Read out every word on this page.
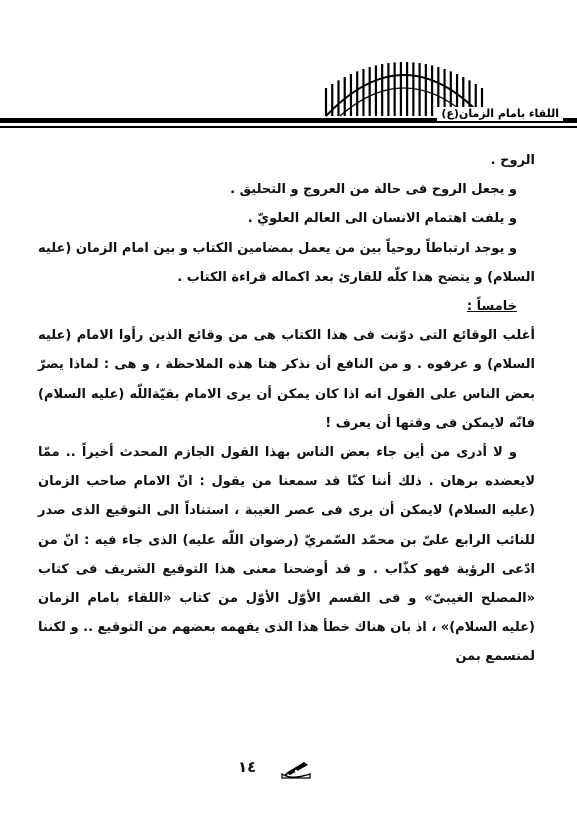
اللقاء بامام الزمان(ع)

الروح .

و يجعل الروح فى حالة من العروج و التحليق .

و يلفت اهتمام الانسان الى العالم العلويّ .

و يوجد ارتباطاً روحياً بين من يعمل بمضامين الكتاب و بين امام الزمان (عليه السلام) و يتضح هذا كلّه للقارئ بعد اكماله قراءة الكتاب .

خامساً :

أغلب الوقائع التى دوّنت فى هذا الكتاب هى من وقائع الذين رأوا الامام (عليه السلام) و عرفوه . و من النافع أن نذكر هنا هذه الملاحظة ، و هى : لماذا يصرّ بعض الناس على القول انه اذا كان يمكن أن يرى الامام بقيّةاللّه (عليه السلام) فانّه لايمكن فى وقتها أن يعرف !

و لا أدرى من أين جاء بعض الناس بهذا القول الجازم المحدث أخيراً .. ممّا لايعضده برهان . ذلك أننا كنّا قد سمعنا من يقول : انّ الامام صاحب الزمان (عليه السلام) لايمكن أن يرى فى عصر الغيبة ، استناداً الى التوقيع الذى صدر للنائب الرابع علىّ بن محمّد السّمريّ (رضوان اللّه عليه) الذى جاء فيه : انّ من ادّعى الرؤية فهو كذّاب . و قد أوضحنا معنى هذا التوقيع الشريف فى كتاب «المصلح الغيبىّ» و فى القسم الأوّل الأوّل من كتاب «اللقاء بامام الزمان (عليه السلام)» ، اذ بان هناك خطأ هذا الذى يفهمه بعضهم من التوقيع .. و لكننا لمنسمع بمن

١٤
